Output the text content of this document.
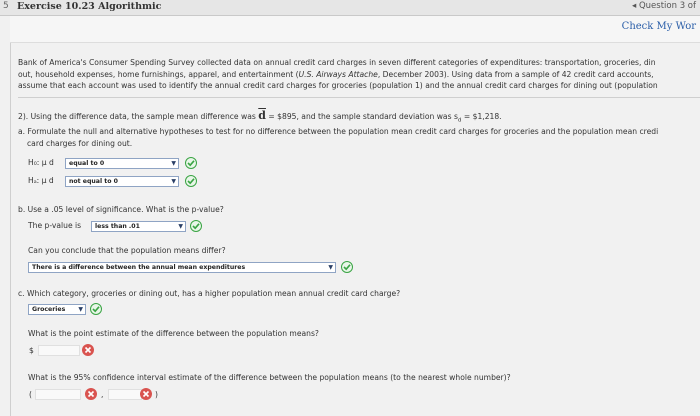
5 Exercise 10.23 Algorithmic	◂ Question 3 of
Check My Wor
Bank of America's Consumer Spending Survey collected data on annual credit card charges in seven different categories of expenditures: transportation, groceries, din
out, household expenses, home furnishings, apparel, and entertainment (U.S. Airways Attache, December 2003). Using data from a sample of 42 credit card accounts,
assume that each account was used to identify the annual credit card charges for groceries (population 1) and the annual credit card charges for dining out (population
2). Using the difference data, the sample mean difference was $\overline{d}$ = $895, and the sample standard deviation was $s_d$ = $1,218.
a. Formulate the null and alternative hypotheses to test for no difference between the population mean credit card charges for groceries and the population mean credi
card charges for dining out.
H₀: μ d	equal to 0	▼
Hₐ: μ d	not equal to 0	▼
b. Use a .05 level of significance. What is the p-value?
The p-value is	less than .01	▼
Can you conclude that the population means differ?
There is a difference between the annual mean expenditures	▼
c. Which category, groceries or dining out, has a higher population mean annual credit card charge?
Groceries ▼
What is the point estimate of the difference between the population means?
$
What is the 95% confidence interval estimate of the difference between the population means (to the nearest whole number)?
(	,	)
